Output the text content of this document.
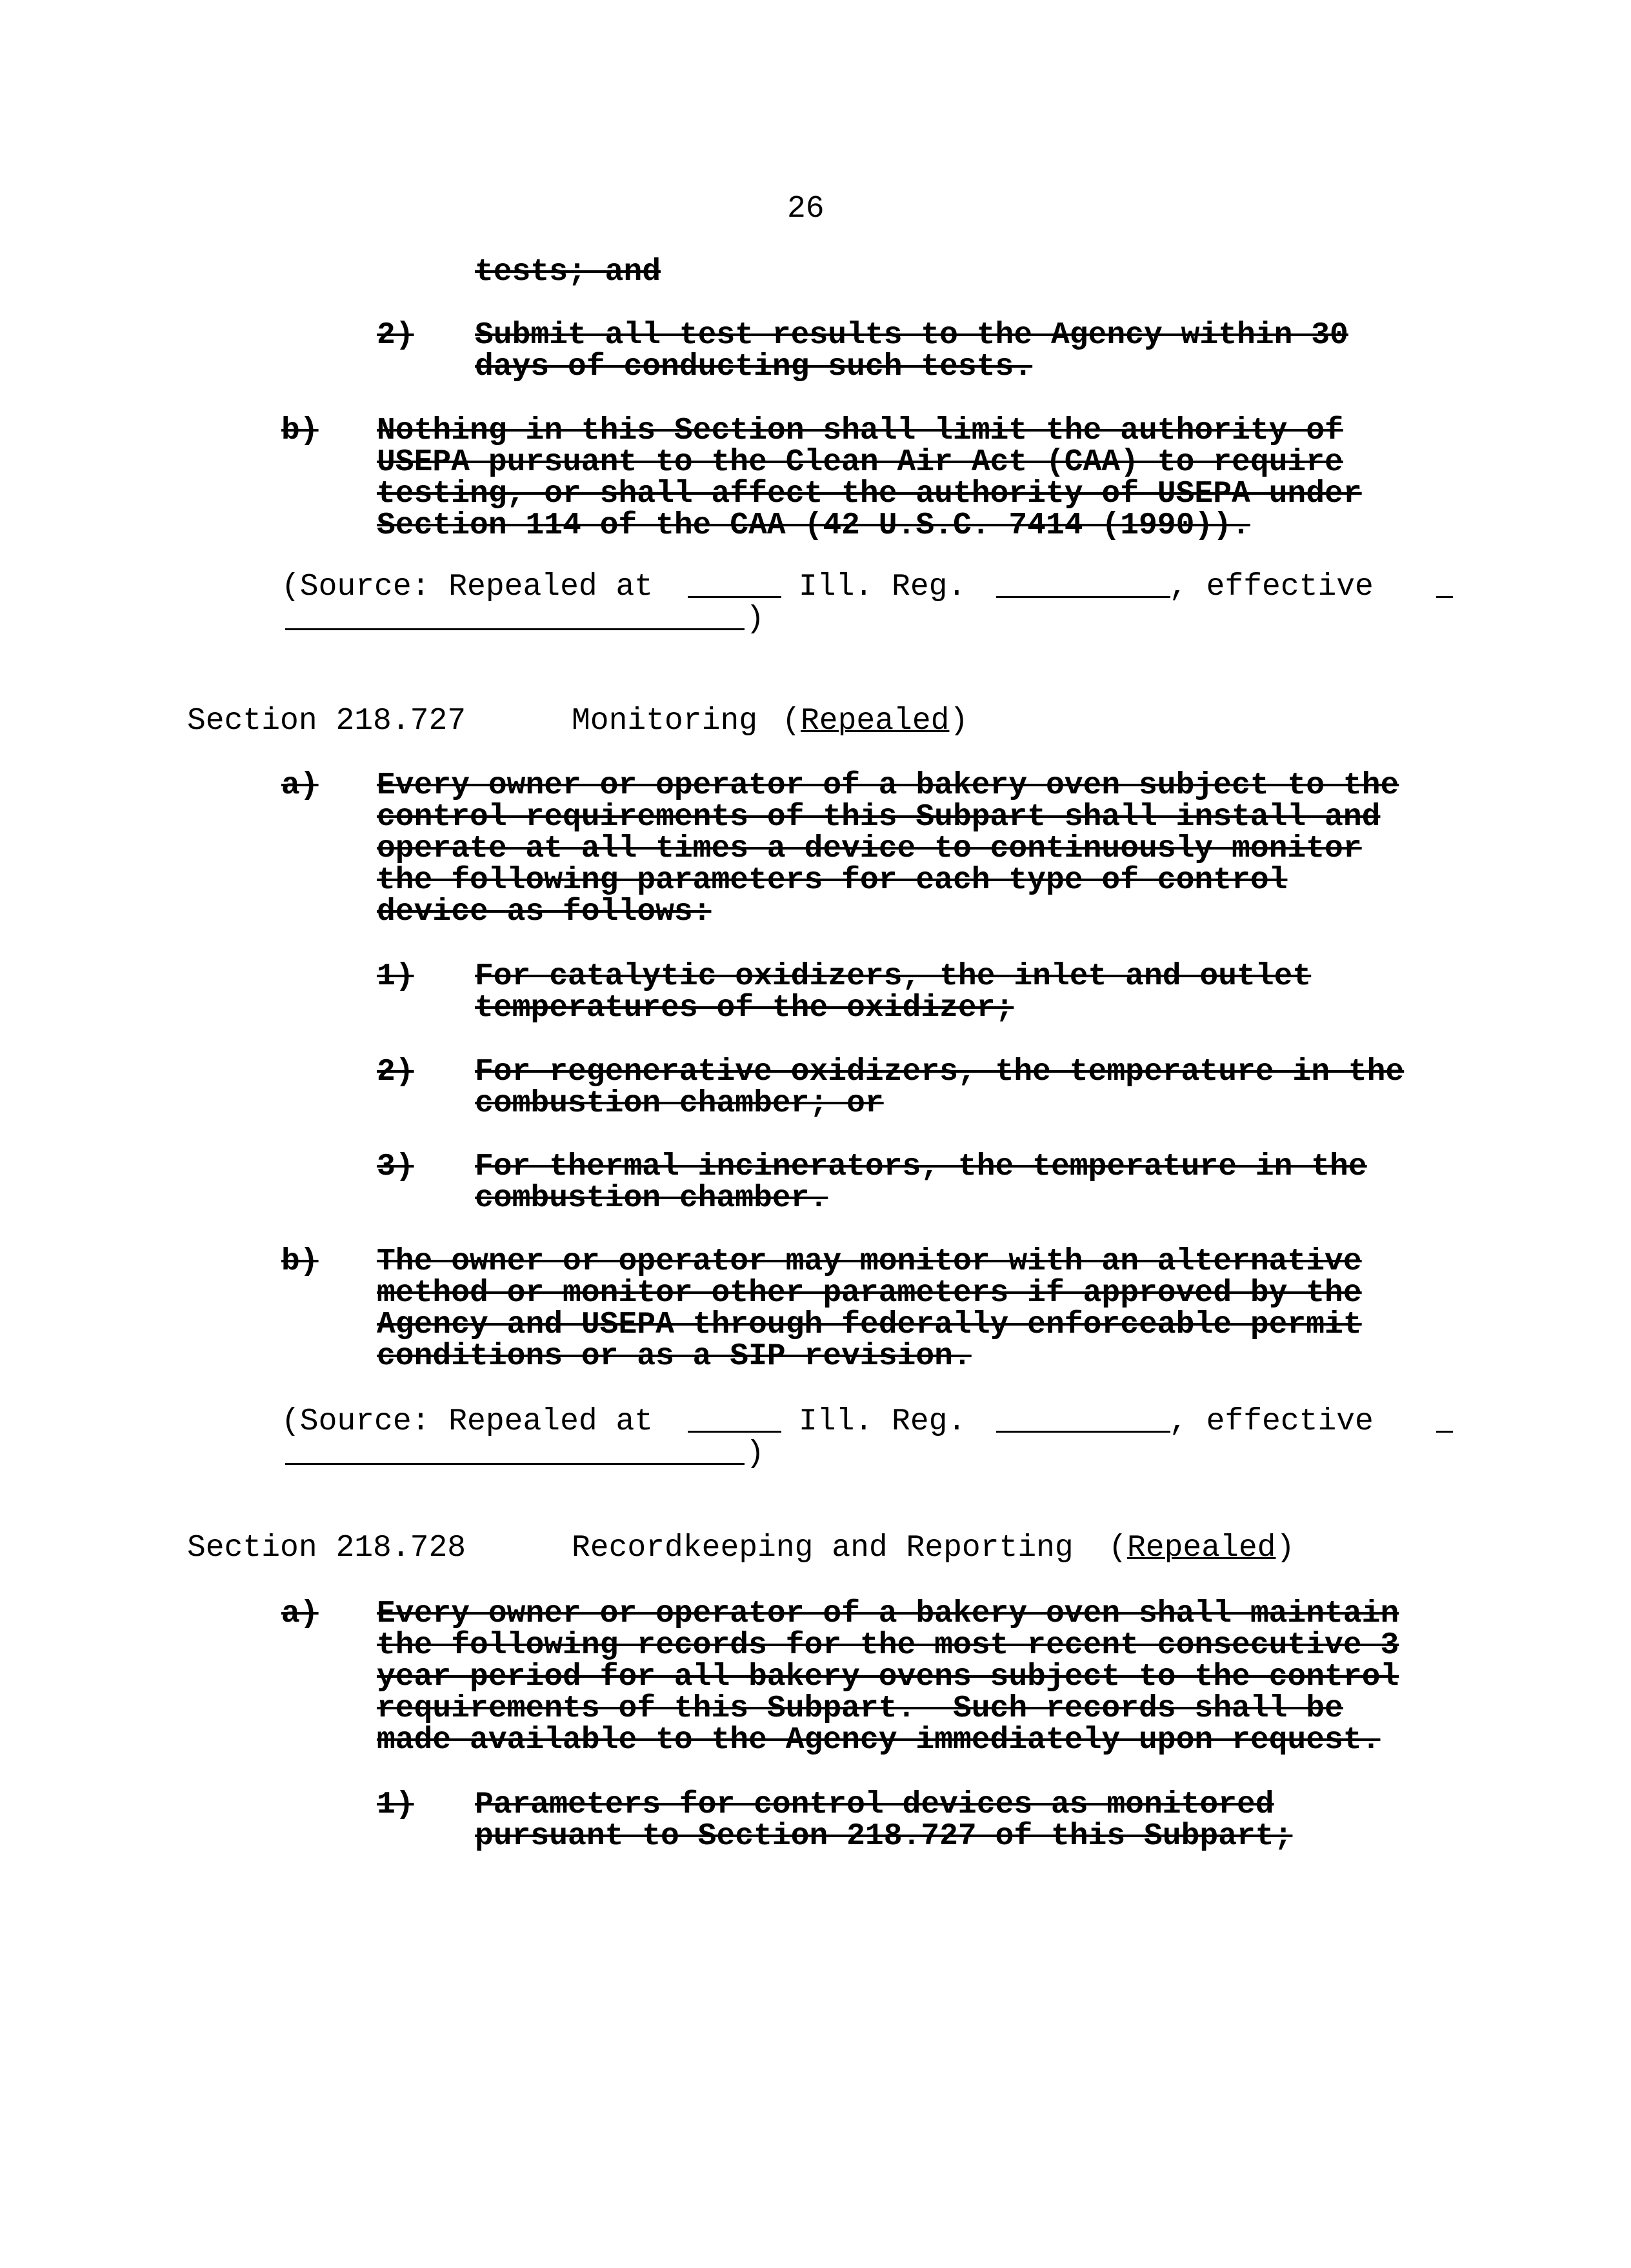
26
tests; and
2) Submit all test results to the Agency within 30
days of conducting such tests.
b) Nothing in this Section shall limit the authority of
USEPA pursuant to the Clean Air Act (CAA) to require
testing, or shall affect the authority of USEPA under
Section 114 of the CAA (42 U.S.C. 7414 (1990)).
(Source: Repealed at	Ill. Reg.	, effective
)
Section 218.727	Monitoring ( Repealed )
a) Every owner or operator of a bakery oven subject to the
control requirements of this Subpart shall install and
operate at all times a device to continuously monitor
the following parameters for each type of control
device as follows:
1) For catalytic oxidizers, the inlet and outlet
temperatures of the oxidizer;
2) For regenerative oxidizers, the temperature in the
combustion chamber; or
3) For thermal incinerators, the temperature in the
combustion chamber.
b) The owner or operator may monitor with an alternative
method or monitor other parameters if approved by the
Agency and USEPA through federally enforceable permit
conditions or as a SIP revision.
(Source: Repealed at	Ill. Reg.	, effective
)
Section 218.728	Recordkeeping and Reporting ( Repealed )
a) Every owner or operator of a bakery oven shall maintain
the following records for the most recent consecutive 3
year period for all bakery ovens subject to the control
requirements of this Subpart.  Such records shall be
made available to the Agency immediately upon request.
1) Parameters for control devices as monitored
pursuant to Section 218.727 of this Subpart;
